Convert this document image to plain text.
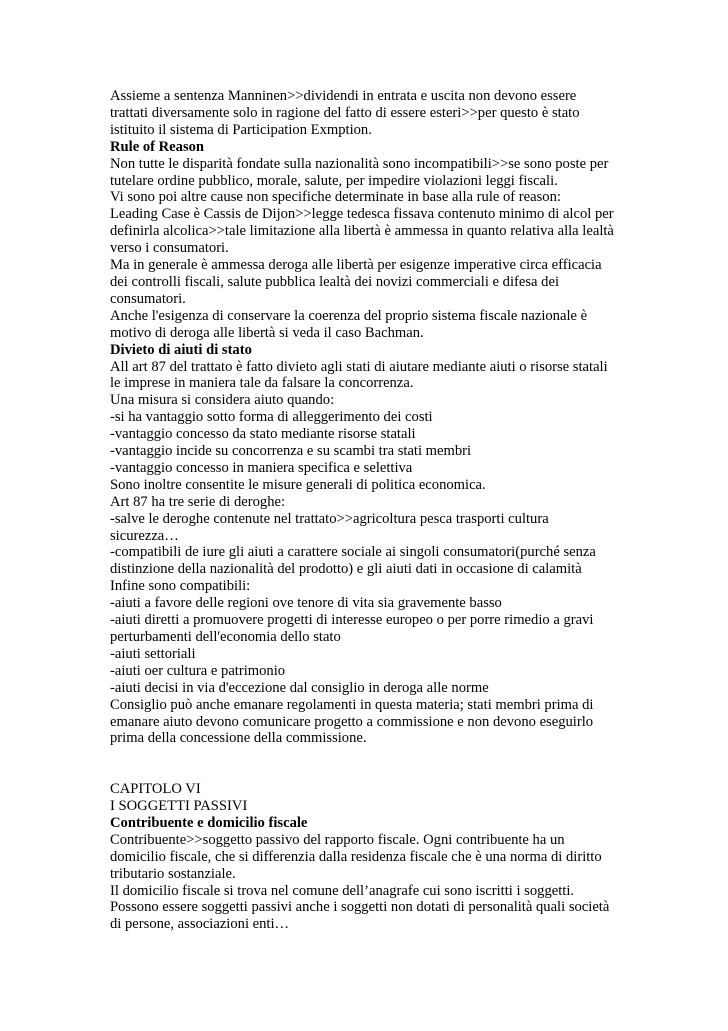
Assieme a sentenza Manninen>>dividendi in entrata e uscita non devono essere
trattati diversamente solo in ragione del fatto di essere esteri>>per questo è stato
istituito il sistema di Participation Exmption.
Rule of Reason
Non tutte le disparità fondate sulla nazionalità sono incompatibili>>se sono poste per
tutelare ordine pubblico, morale, salute, per impedire violazioni leggi fiscali.
Vi sono poi altre cause non specifiche determinate in base alla rule of reason:
Leading Case è Cassis de Dijon>>legge tedesca fissava contenuto minimo di alcol per
definirla alcolica>>tale limitazione alla libertà è ammessa in quanto relativa alla lealtà
verso i consumatori.
Ma in generale è ammessa deroga alle libertà per esigenze imperative circa efficacia
dei controlli fiscali, salute pubblica lealtà dei novizi commerciali e difesa dei
consumatori.
Anche l'esigenza di conservare la coerenza del proprio sistema fiscale nazionale è
motivo di deroga alle libertà si veda il caso Bachman.
Divieto di aiuti di stato
All art 87 del trattato è fatto divieto agli stati di aiutare mediante aiuti o risorse statali
le imprese in maniera tale da falsare la concorrenza.
Una misura si considera aiuto quando:
-si ha vantaggio sotto forma di alleggerimento dei costi
-vantaggio concesso da stato mediante risorse statali
-vantaggio incide su concorrenza e su scambi tra stati membri
-vantaggio concesso in maniera specifica e selettiva
Sono inoltre consentite le misure generali di politica economica.
Art 87 ha tre serie di deroghe:
-salve le deroghe contenute nel trattato>>agricoltura pesca trasporti cultura
sicurezza…
-compatibili de iure gli aiuti a carattere sociale ai singoli consumatori(purché senza
distinzione della nazionalità del prodotto) e gli aiuti dati in occasione di calamità
Infine sono compatibili:
-aiuti a favore delle regioni ove tenore di vita sia gravemente basso
-aiuti diretti a promuovere progetti di interesse europeo o per porre rimedio a gravi
perturbamenti dell'economia dello stato
-aiuti settoriali
-aiuti oer cultura e patrimonio
-aiuti decisi in via d'eccezione dal consiglio in deroga alle norme
Consiglio può anche emanare regolamenti in questa materia; stati membri prima di
emanare aiuto devono comunicare progetto a commissione e non devono eseguirlo
prima della concessione della commissione.
CAPITOLO VI
I SOGGETTI PASSIVI
Contribuente e domicilio fiscale
Contribuente>>soggetto passivo del rapporto fiscale. Ogni contribuente ha un
domicilio fiscale, che si differenzia dalla residenza fiscale che è una norma di diritto
tributario sostanziale.
Il domicilio fiscale si trova nel comune dell’anagrafe cui sono iscritti i soggetti.
Possono essere soggetti passivi anche i soggetti non dotati di personalità quali società
di persone, associazioni enti…
